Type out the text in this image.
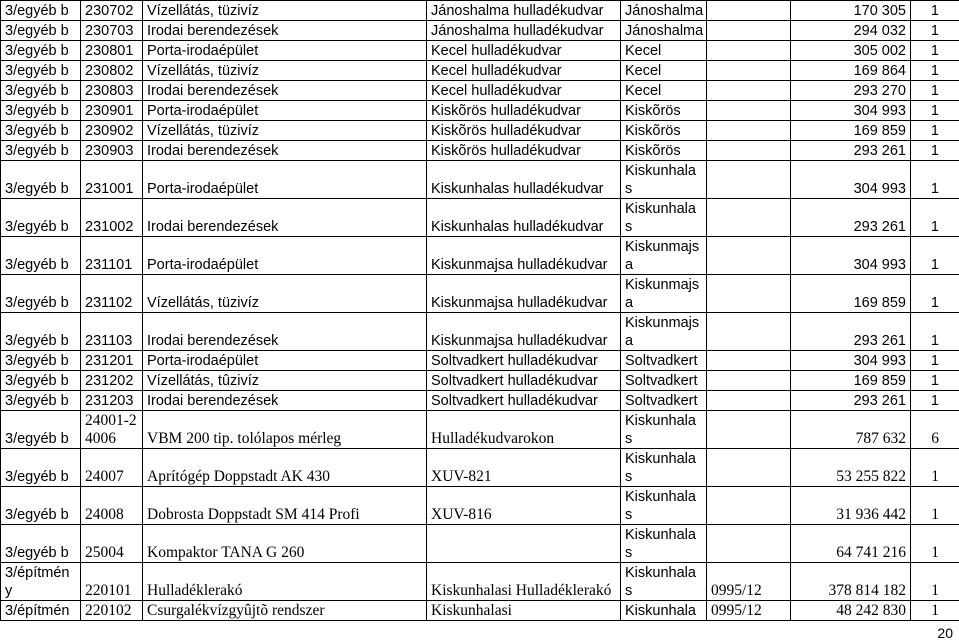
3/egyéb b	230702	Vízellátás, tüzivíz	Jánoshalma hulladékudvar	Jánoshalma		170 305	1
3/egyéb b	230703	Irodai berendezések	Jánoshalma hulladékudvar	Jánoshalma		294 032	1
3/egyéb b	230801	Porta-irodaépület	Kecel hulladékudvar	Kecel		305 002	1
3/egyéb b	230802	Vízellátás, tüzivíz	Kecel hulladékudvar	Kecel		169 864	1
3/egyéb b	230803	Irodai berendezések	Kecel hulladékudvar	Kecel		293 270	1
3/egyéb b	230901	Porta-irodaépület	Kiskõrös hulladékudvar	Kiskõrös		304 993	1
3/egyéb b	230902	Vízellátás, tüzivíz	Kiskõrös hulladékudvar	Kiskõrös		169 859	1
3/egyéb b	230903	Irodai berendezések	Kiskõrös hulladékudvar	Kiskõrös		293 261	1
3/egyéb b	231001	Porta-irodaépület	Kiskunhalas hulladékudvar	Kiskunhalas		304 993	1
3/egyéb b	231002	Irodai berendezések	Kiskunhalas hulladékudvar	Kiskunhalas		293 261	1
3/egyéb b	231101	Porta-irodaépület	Kiskunmajsa hulladékudvar	Kiskunmajsa		304 993	1
3/egyéb b	231102	Vízellátás, tüzivíz	Kiskunmajsa hulladékudvar	Kiskunmajsa		169 859	1
3/egyéb b	231103	Irodai berendezések	Kiskunmajsa hulladékudvar	Kiskunmajsa		293 261	1
3/egyéb b	231201	Porta-irodaépület	Soltvadkert hulladékudvar	Soltvadkert		304 993	1
3/egyéb b	231202	Vízellátás, tûzivíz	Soltvadkert hulladékudvar	Soltvadkert		169 859	1
3/egyéb b	231203	Irodai berendezések	Soltvadkert hulladékudvar	Soltvadkert		293 261	1
3/egyéb b	24001-24006	VBM 200 tip. tolólapos mérleg	Hulladékudvarokon	Kiskunhalas		787 632	6
3/egyéb b	24007	Aprítógép Doppstadt AK 430	XUV-821	Kiskunhalas		53 255 822	1
3/egyéb b	24008	Dobrosta Doppstadt SM 414 Profi	XUV-816	Kiskunhalas		31 936 442	1
3/egyéb b	25004	Kompaktor TANA G 260		Kiskunhalas		64 741 216	1
3/építmény	220101	Hulladéklerakó	Kiskunhalasi Hulladéklerakó	Kiskunhalas	0995/12	378 814 182	1
3/építmén	220102	Csurgalékvízgyûjtõ rendszer	Kiskunhalasi	Kiskunhala	0995/12	48 242 830	1
20
